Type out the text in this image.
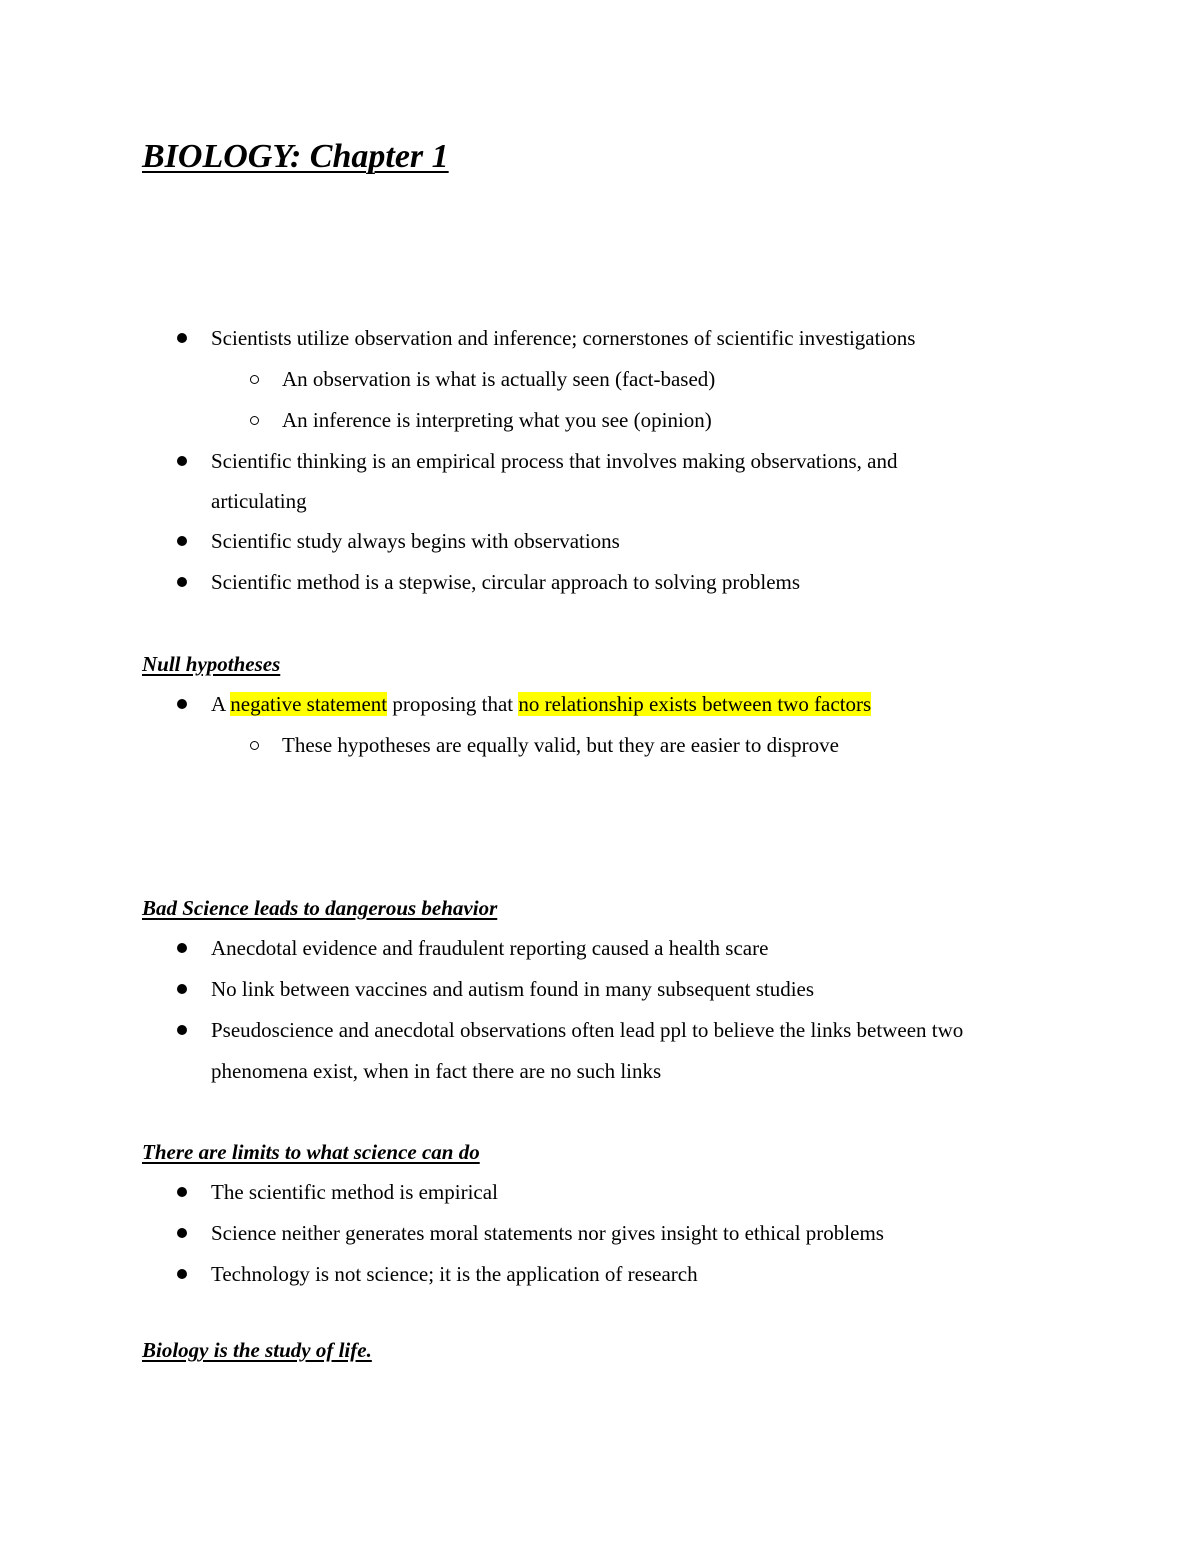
BIOLOGY: Chapter 1
Scientists utilize observation and inference; cornerstones of scientific investigations
An observation is what is actually seen (fact-based)
An inference is interpreting what you see (opinion)
Scientific thinking is an empirical process that involves making observations, and
articulating
Scientific study always begins with observations
Scientific method is a stepwise, circular approach to solving problems
Null hypotheses
A negative statement proposing that no relationship exists between two factors
These hypotheses are equally valid, but they are easier to disprove
Bad Science leads to dangerous behavior
Anecdotal evidence and fraudulent reporting caused a health scare
No link between vaccines and autism found in many subsequent studies
Pseudoscience and anecdotal observations often lead ppl to believe the links between two
phenomena exist, when in fact there are no such links
There are limits to what science can do
The scientific method is empirical
Science neither generates moral statements nor gives insight to ethical problems
Technology is not science; it is the application of research
Biology is the study of life.
